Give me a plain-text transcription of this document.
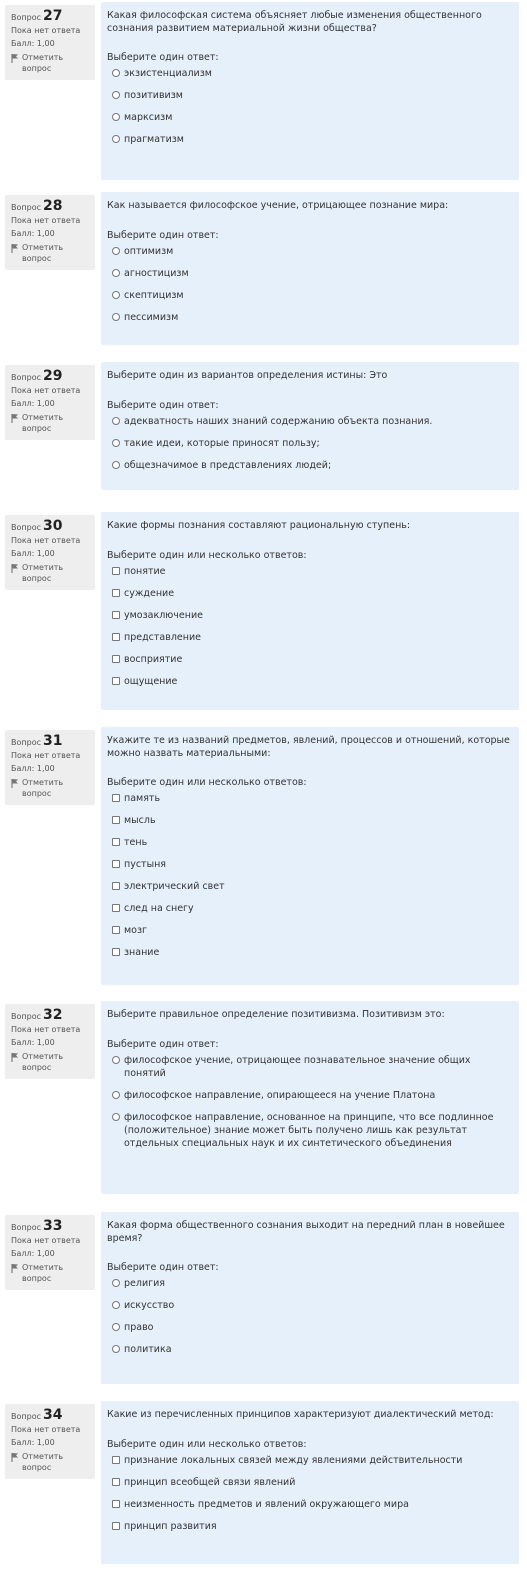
Вопрос 27
Пока нет ответа
Балл: 1,00
Отметить вопрос
Какая философская система объясняет любые изменения общественного сознания развитием материальной жизни общества?
Выберите один ответ:
экзистенциализм
позитивизм
марксизм
прагматизм
Вопрос 28
Пока нет ответа
Балл: 1,00
Отметить вопрос
Как называется философское учение, отрицающее познание мира:
Выберите один ответ:
оптимизм
агностицизм
скептицизм
пессимизм
Вопрос 29
Пока нет ответа
Балл: 1,00
Отметить вопрос
Выберите один из вариантов определения истины: Это
Выберите один ответ:
адекватность наших знаний содержанию объекта познания.
такие идеи, которые приносят пользу;
общезначимое в представлениях людей;
Вопрос 30
Пока нет ответа
Балл: 1,00
Отметить вопрос
Какие формы познания составляют рациональную ступень:
Выберите один или несколько ответов:
понятие
суждение
умозаключение
представление
восприятие
ощущение
Вопрос 31
Пока нет ответа
Балл: 1,00
Отметить вопрос
Укажите те из названий предметов, явлений, процессов и отношений, которые можно назвать материальными:
Выберите один или несколько ответов:
память
мысль
тень
пустыня
электрический свет
след на снегу
мозг
знание
Вопрос 32
Пока нет ответа
Балл: 1,00
Отметить вопрос
Выберите правильное определение позитивизма. Позитивизм это:
Выберите один ответ:
философское учение, отрицающее познавательное значение общих понятий
философское направление, опирающееся на учение Платона
философское направление, основанное на принципе, что все подлинное (положительное) знание может быть получено лишь как результат отдельных специальных наук и их синтетического объединения
Вопрос 33
Пока нет ответа
Балл: 1,00
Отметить вопрос
Какая форма общественного сознания выходит на передний план в новейшее время?
Выберите один ответ:
религия
искусство
право
политика
Вопрос 34
Пока нет ответа
Балл: 1,00
Отметить вопрос
Какие из перечисленных принципов характеризуют диалектический метод:
Выберите один или несколько ответов:
признание локальных связей между явлениями действительности
принцип всеобщей связи явлений
неизменность предметов и явлений окружающего мира
принцип развития
